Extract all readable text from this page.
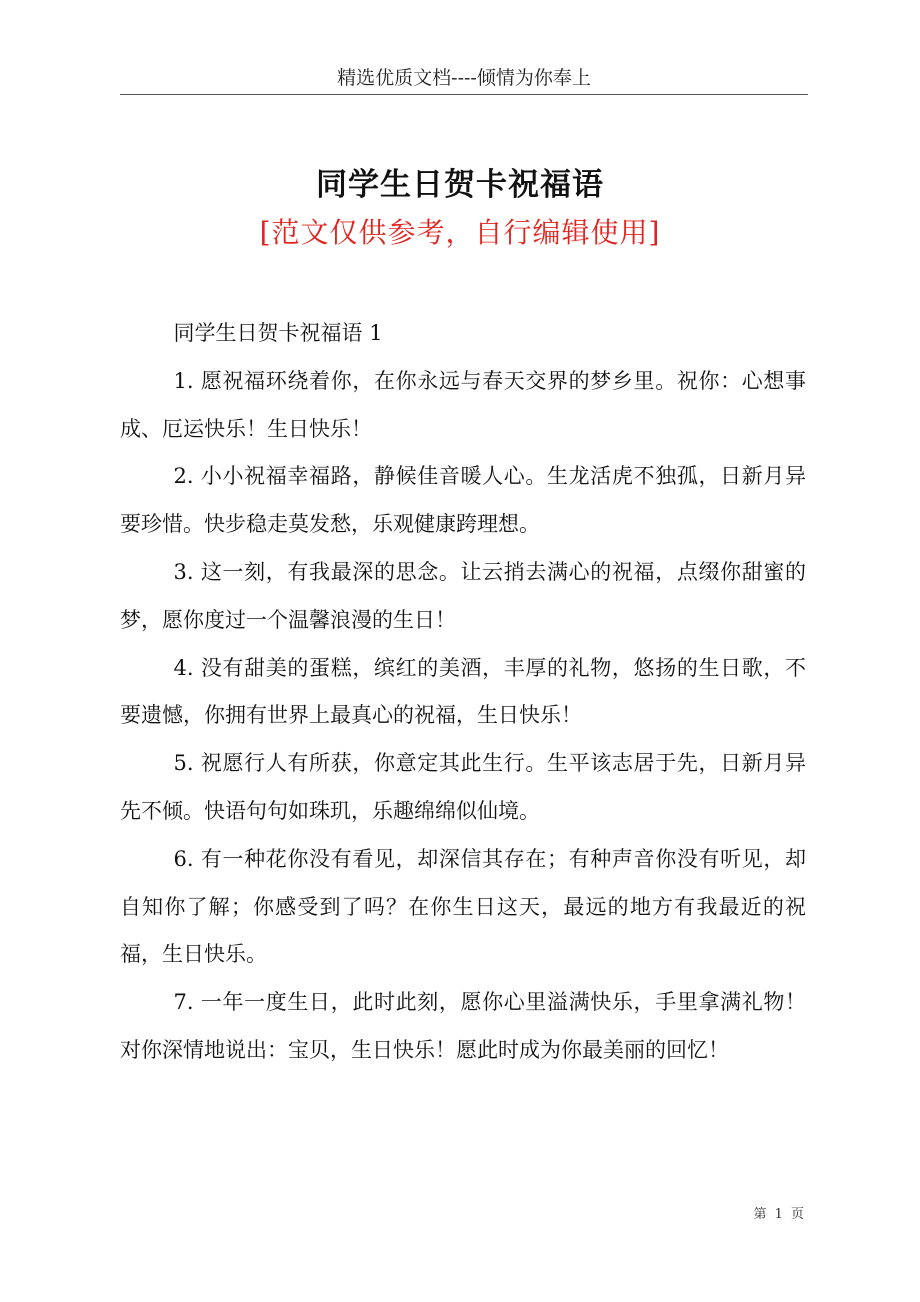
精选优质文档----倾情为你奉上
同学生日贺卡祝福语
[范文仅供参考，自行编辑使用]

同学生日贺卡祝福语 1

1. 愿祝福环绕着你，在你永远与春天交界的梦乡里。祝你：心想事成、厄运快乐！生日快乐！

2. 小小祝福幸福路，静候佳音暖人心。生龙活虎不独孤，日新月异要珍惜。快步稳走莫发愁，乐观健康跨理想。

3. 这一刻，有我最深的思念。让云捎去满心的祝福，点缀你甜蜜的梦，愿你度过一个温馨浪漫的生日！

4. 没有甜美的蛋糕，缤红的美酒，丰厚的礼物，悠扬的生日歌，不要遗憾，你拥有世界上最真心的祝福，生日快乐！

5. 祝愿行人有所获，你意定其此生行。生平该志居于先，日新月异先不倾。快语句句如珠玑，乐趣绵绵似仙境。

6. 有一种花你没有看见，却深信其存在；有种声音你没有听见，却自知你了解；你感受到了吗？在你生日这天，最远的地方有我最近的祝福，生日快乐。

7. 一年一度生日，此时此刻，愿你心里溢满快乐，手里拿满礼物！对你深情地说出：宝贝，生日快乐！愿此时成为你最美丽的回忆！

第 1 页
